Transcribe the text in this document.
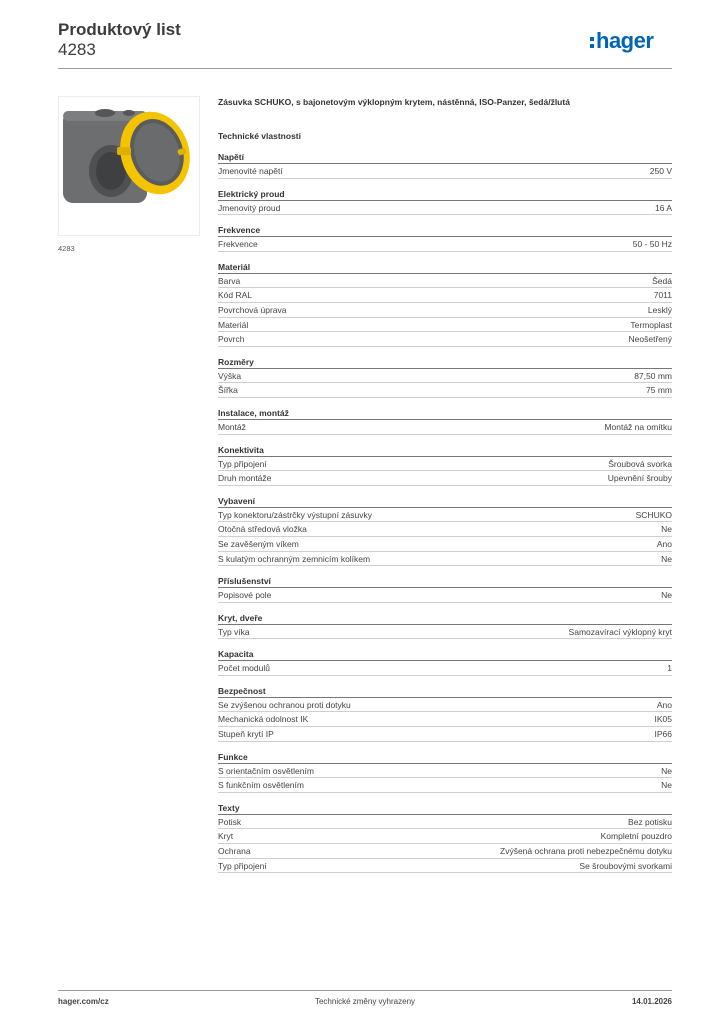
Produktový list
4283	hager
4283
Zásuvka SCHUKO, s bajonetovým výklopným krytem, nástěnná, ISO-Panzer, šedá/žlutá
Technické vlastnosti
Napětí
Jmenovité napětí	250 V
Elektrický proud
Jmenovitý proud	16 A
Frekvence
Frekvence	50 - 50 Hz
Materiál
Barva	Šedá
Kód RAL	7011
Povrchová úprava	Lesklý
Materiál	Termoplast
Povrch	Neošetřený
Rozměry
Výška	87,50 mm
Šířka	75 mm
Instalace, montáž
Montáž	Montáž na omítku
Konektivita
Typ připojení	Šroubová svorka
Druh montáže	Upevnění šrouby
Vybavení
Typ konektoru/zástrčky výstupní zásuvky	SCHUKO
Otočná středová vložka	Ne
Se zavěšeným víkem	Ano
S kulatým ochranným zemnicím kolíkem	Ne
Příslušenství
Popisové pole	Ne
Kryt, dveře
Typ víka	Samozavírací výklopný kryt
Kapacita
Počet modulů	1
Bezpečnost
Se zvýšenou ochranou proti dotyku	Ano
Mechanická odolnost IK	IK05
Stupeň krytí IP	IP66
Funkce
S orientačním osvětlením	Ne
S funkčním osvětlením	Ne
Texty
Potisk	Bez potisku
Kryt	Kompletní pouzdro
Ochrana	Zvýšená ochrana proti nebezpečnému dotyku
Typ připojení	Se šroubovými svorkami
hager.com/cz	Technické změny vyhrazeny	14.01.2026
